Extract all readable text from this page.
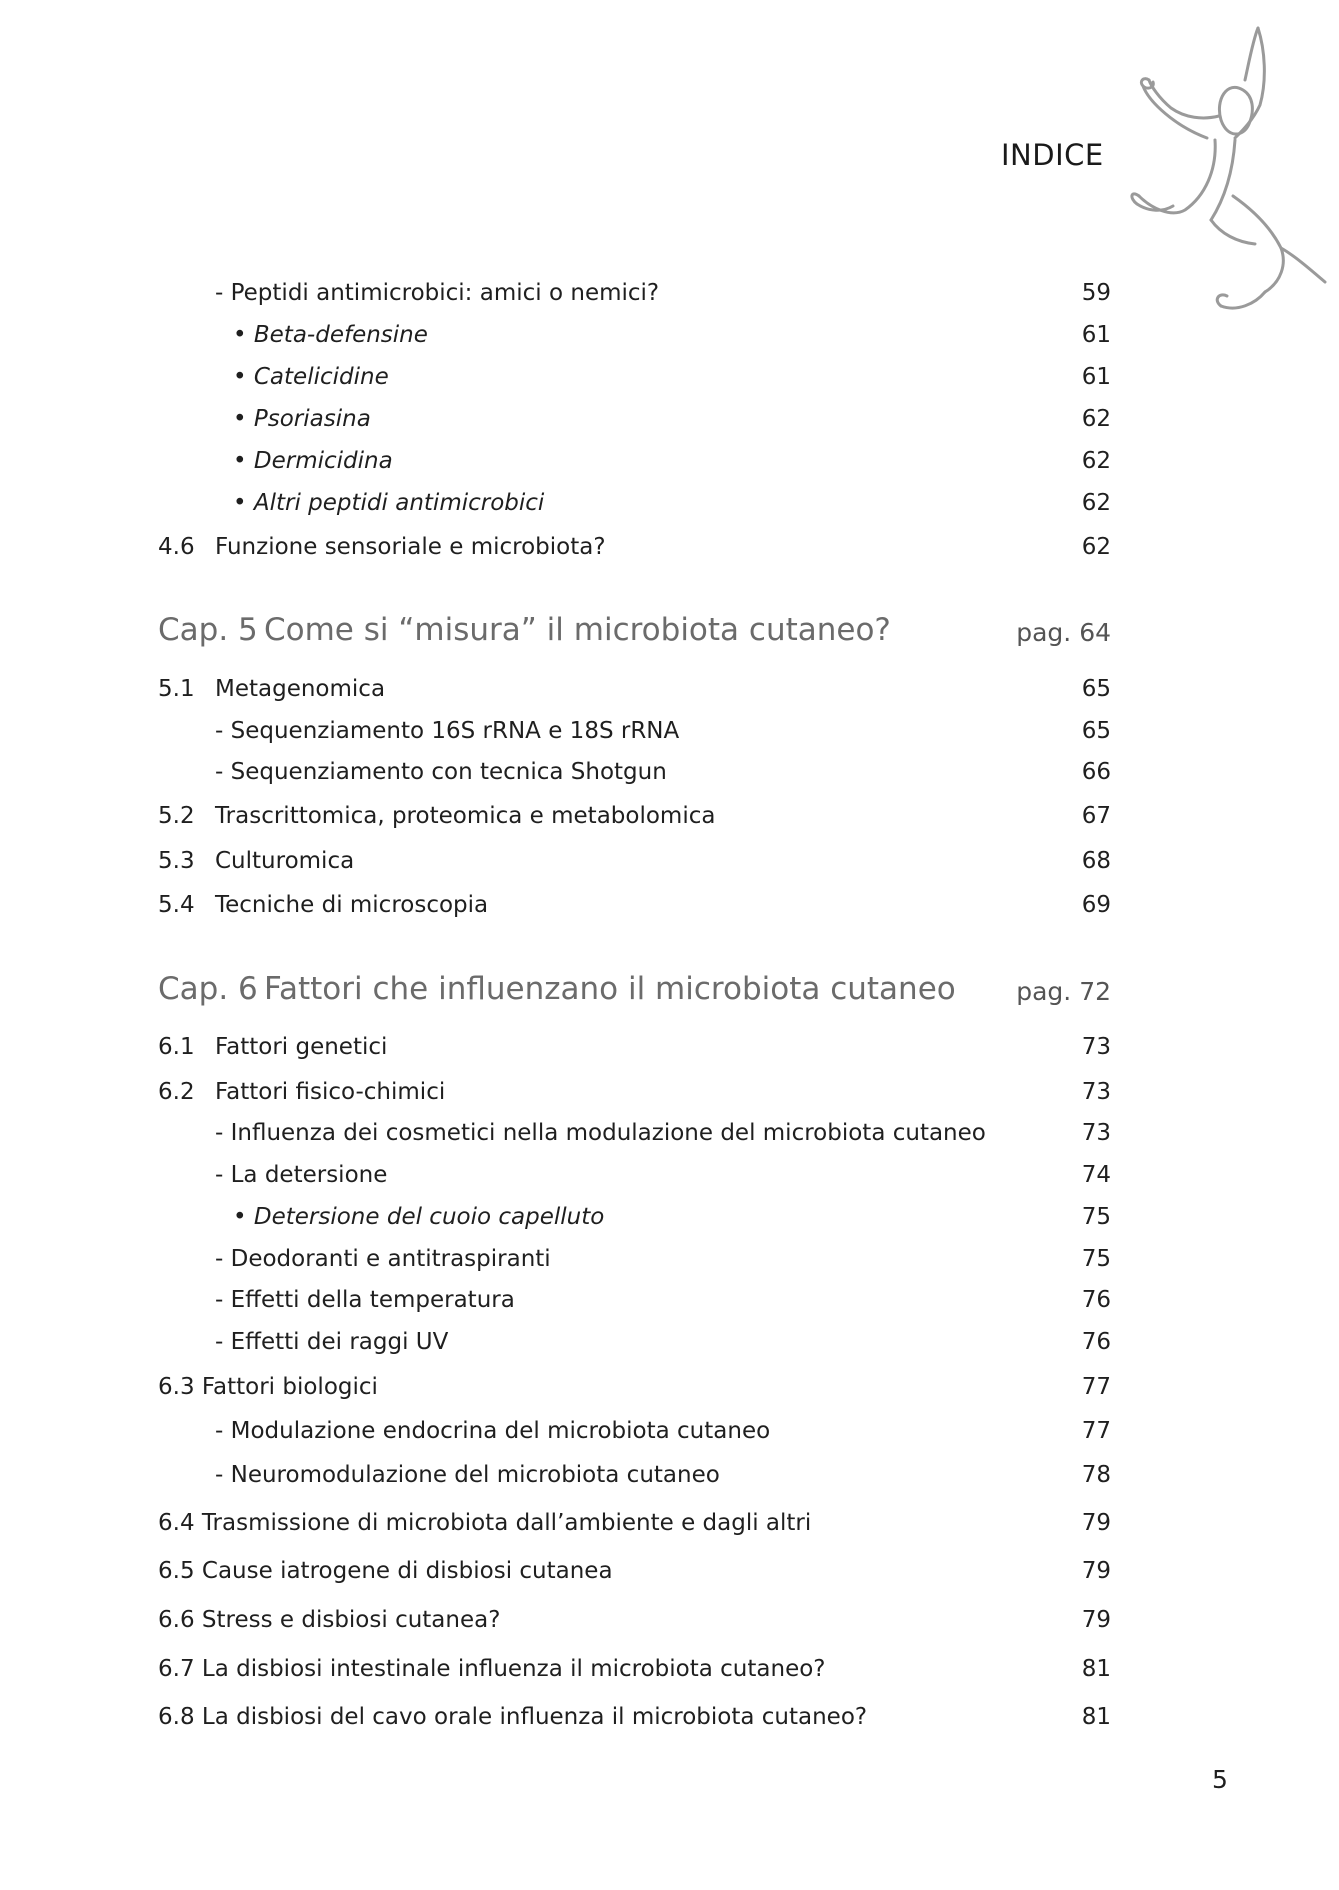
INDICE
- Peptidi antimicrobici: amici o nemici?	59
• Beta-defensine	61
• Catelicidine	61
• Psoriasina	62
• Dermicidina	62
• Altri peptidi antimicrobici	62
4.6 Funzione sensoriale e microbiota?	62
Cap. 5 Come si “misura” il microbiota cutaneo?	pag. 64
5.1 Metagenomica	65
- Sequenziamento 16S rRNA e 18S rRNA	65
- Sequenziamento con tecnica Shotgun	66
5.2 Trascrittomica, proteomica e metabolomica	67
5.3 Culturomica	68
5.4 Tecniche di microscopia	69
Cap. 6 Fattori che influenzano il microbiota cutaneo pag. 72
6.1 Fattori genetici	73
6.2 Fattori fisico-chimici	73
- Influenza dei cosmetici nella modulazione del microbiota cutaneo	73
- La detersione	74
• Detersione del cuoio capelluto	75
- Deodoranti e antitraspiranti	75
- Effetti della temperatura	76
- Effetti dei raggi UV	76
6.3 Fattori biologici	77
- Modulazione endocrina del microbiota cutaneo	77
- Neuromodulazione del microbiota cutaneo	78
6.4 Trasmissione di microbiota dall’ambiente e dagli altri	79
6.5 Cause iatrogene di disbiosi cutanea	79
6.6 Stress e disbiosi cutanea?	79
6.7 La disbiosi intestinale influenza il microbiota cutaneo?	81
6.8 La disbiosi del cavo orale influenza il microbiota cutaneo?	81
5
